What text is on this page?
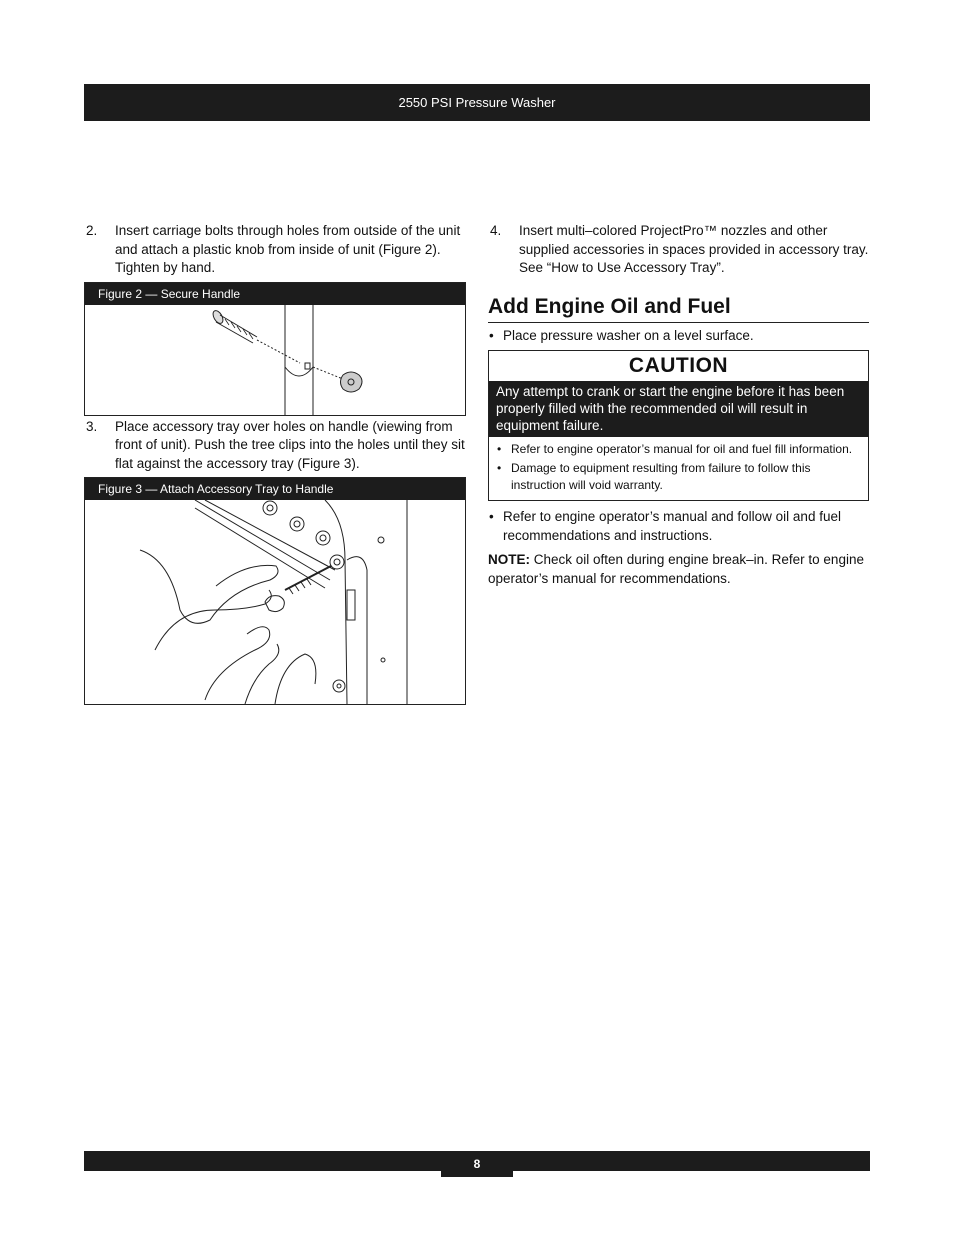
2550 PSI Pressure Washer
2.	Insert carriage bolts through holes from outside of the unit and attach a plastic knob from inside of unit (Figure 2). Tighten by hand.
Figure 2 — Secure Handle
3.	Place accessory tray over holes on handle (viewing from front of unit). Push the tree clips into the holes until they sit flat against the accessory tray (Figure 3).
Figure 3 — Attach Accessory Tray to Handle
4.	Insert multi–colored ProjectPro™ nozzles and other supplied accessories in spaces provided in accessory tray. See “How to Use Accessory Tray”.
Add Engine Oil and Fuel
• Place pressure washer on a level surface.
CAUTION
Any attempt to crank or start the engine before it has been properly filled with the recommended oil will result in equipment failure.
• Refer to engine operator’s manual for oil and fuel fill information.
• Damage to equipment resulting from failure to follow this instruction will void warranty.
• Refer to engine operator’s manual and follow oil and fuel recommendations and instructions.

NOTE: Check oil often during engine break–in. Refer to engine operator’s manual for recommendations.

8
